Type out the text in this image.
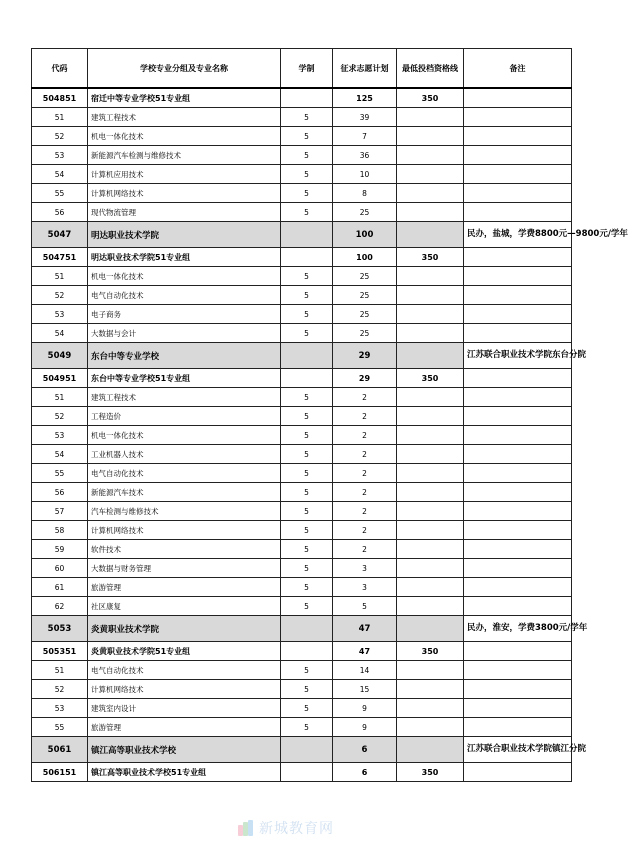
代码	学校专业分组及专业名称	学制	征求志愿计划	最低投档资格线	备注
504851	宿迁中等专业学校51专业组		125	350	
51	建筑工程技术	5	39		
52	机电一体化技术	5	7		
53	新能源汽车检测与维修技术	5	36		
54	计算机应用技术	5	10		
55	计算机网络技术	5	8		
56	现代物流管理	5	25		
5047	明达职业技术学院		100		民办，盐城，学费8800元—9800元/学年
504751	明达职业技术学院51专业组		100	350	
51	机电一体化技术	5	25		
52	电气自动化技术	5	25		
53	电子商务	5	25		
54	大数据与会计	5	25		
5049	东台中等专业学校		29		江苏联合职业技术学院东台分院
504951	东台中等专业学校51专业组		29	350	
51	建筑工程技术	5	2		
52	工程造价	5	2		
53	机电一体化技术	5	2		
54	工业机器人技术	5	2		
55	电气自动化技术	5	2		
56	新能源汽车技术	5	2		
57	汽车检测与维修技术	5	2		
58	计算机网络技术	5	2		
59	软件技术	5	2		
60	大数据与财务管理	5	3		
61	旅游管理	5	3		
62	社区康复	5	5		
5053	炎黄职业技术学院		47		民办，淮安，学费3800元/学年
505351	炎黄职业技术学院51专业组		47	350	
51	电气自动化技术	5	14		
52	计算机网络技术	5	15		
53	建筑室内设计	5	9		
55	旅游管理	5	9		
5061	镇江高等职业技术学校		6		江苏联合职业技术学院镇江分院
506151	镇江高等职业技术学校51专业组		6	350	
新城教育网
